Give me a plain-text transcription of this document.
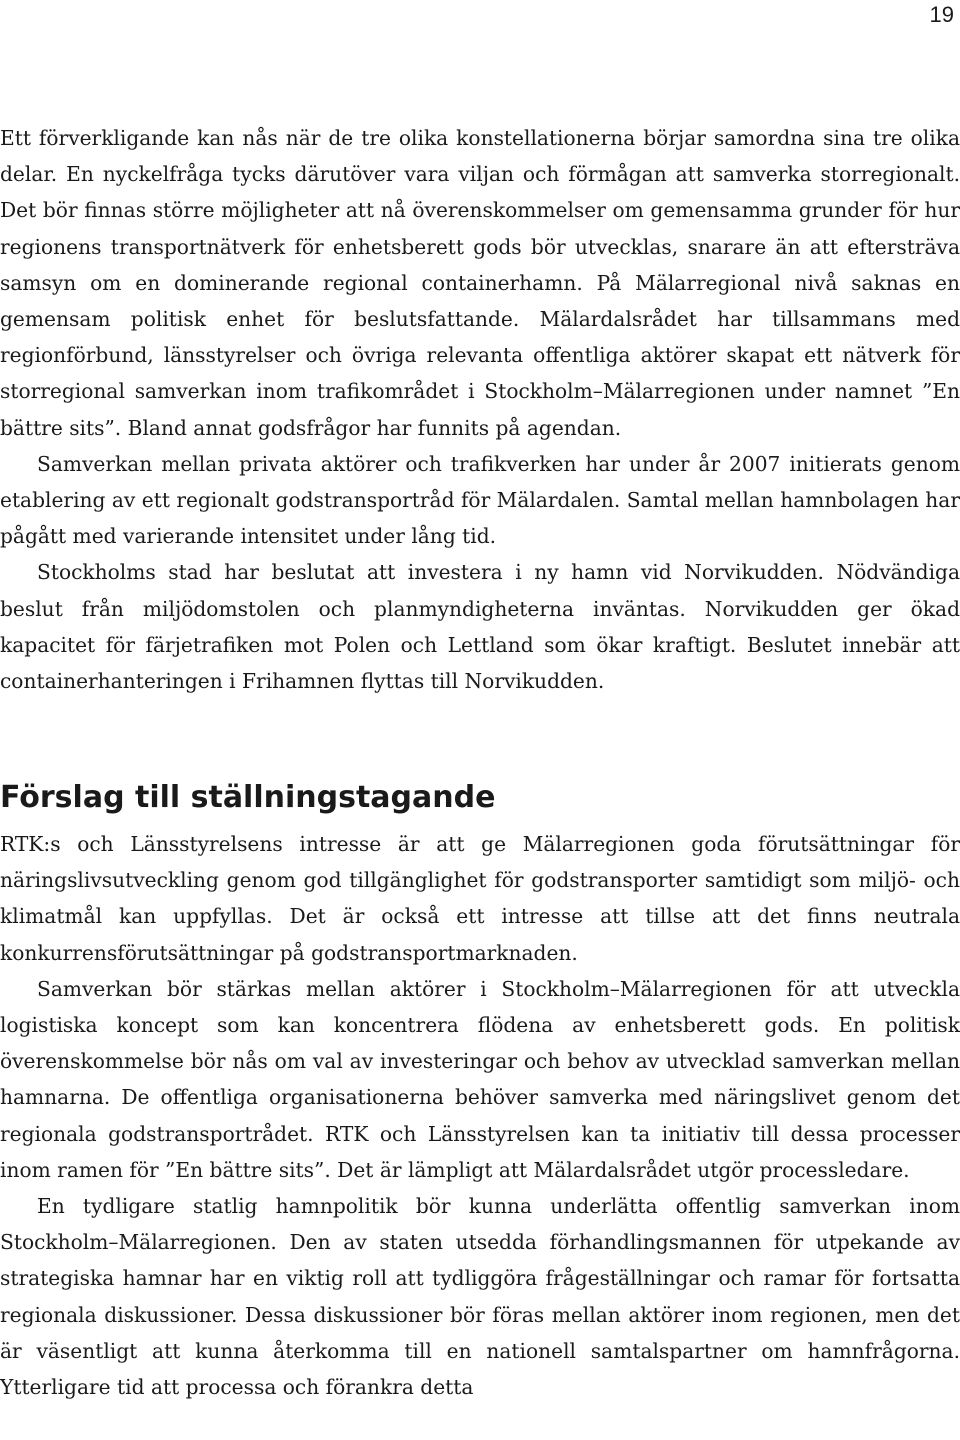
19

Ett förverkligande kan nås när de tre olika konstellationerna börjar samordna sina tre olika delar. En nyckelfråga tycks därutöver vara viljan och förmågan att samverka storregionalt. Det bör finnas större möjligheter att nå överenskommelser om gemensamma grunder för hur regionens transportnätverk för enhetsberett gods bör utvecklas, snarare än att eftersträva samsyn om en dominerande regional containerhamn. På Mälarregional nivå saknas en gemensam politisk enhet för beslutsfattande. Mälardalsrådet har tillsammans med regionförbund, länsstyrelser och övriga relevanta offentliga aktörer skapat ett nätverk för storregional samverkan inom trafikområdet i Stockholm–Mälarregionen under namnet ”En bättre sits”. Bland annat godsfrågor har funnits på agendan.

Samverkan mellan privata aktörer och trafikverken har under år 2007 initierats genom etablering av ett regionalt godstransportråd för Mälardalen. Samtal mellan hamnbolagen har pågått med varierande intensitet under lång tid.

Stockholms stad har beslutat att investera i ny hamn vid Norvikudden. Nödvändiga beslut från miljödomstolen och planmyndigheterna inväntas. Norvikudden ger ökad kapacitet för färjetrafiken mot Polen och Lettland som ökar kraftigt. Beslutet innebär att containerhanteringen i Frihamnen flyttas till Norvikudden.

Förslag till ställningstagande

RTK:s och Länsstyrelsens intresse är att ge Mälarregionen goda förutsättningar för näringslivsutveckling genom god tillgänglighet för godstransporter samtidigt som miljö- och klimatmål kan uppfyllas. Det är också ett intresse att tillse att det finns neutrala konkurrensförutsättningar på godstransportmarknaden.

Samverkan bör stärkas mellan aktörer i Stockholm–Mälarregionen för att utveckla logistiska koncept som kan koncentrera flödena av enhetsberett gods. En politisk överenskommelse bör nås om val av investeringar och behov av utvecklad samverkan mellan hamnarna. De offentliga organisationerna behöver samverka med näringslivet genom det regionala godstransportrådet. RTK och Länsstyrelsen kan ta initiativ till dessa processer inom ramen för ”En bättre sits”. Det är lämpligt att Mälardalsrådet utgör processledare.

En tydligare statlig hamnpolitik bör kunna underlätta offentlig samverkan inom Stockholm–Mälarregionen. Den av staten utsedda förhandlingsmannen för utpekande av strategiska hamnar har en viktig roll att tydliggöra frågeställningar och ramar för fortsatta regionala diskussioner. Dessa diskussioner bör föras mellan aktörer inom regionen, men det är väsentligt att kunna återkomma till en nationell samtalspartner om hamnfrågorna. Ytterligare tid att processa och förankra detta
